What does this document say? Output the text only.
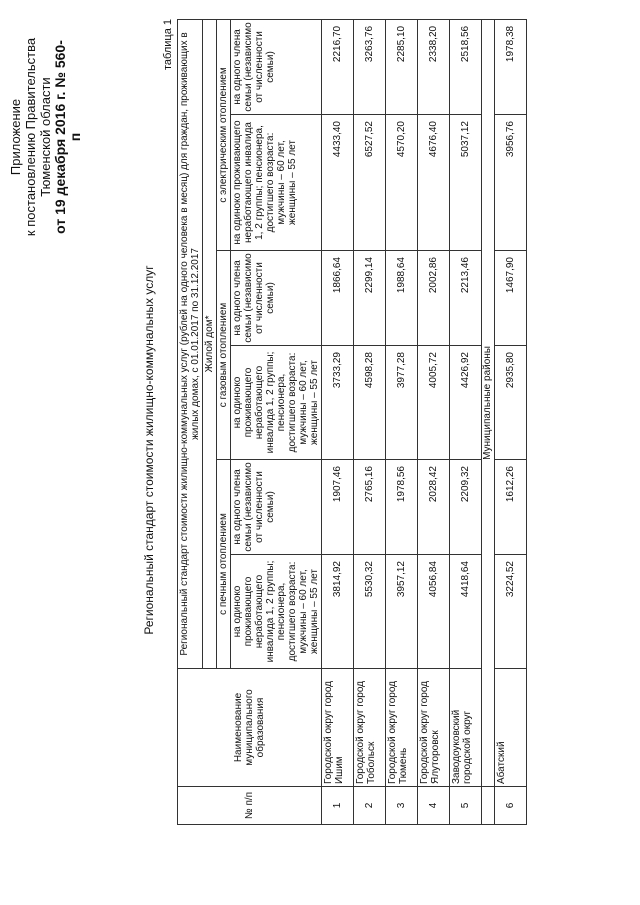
Приложение к постановлению Правительства Тюменской области от 19 декабря 2016 г. № 560-п
Региональный стандарт стоимости жилищно-коммунальных услуг
таблица 1
№ п/п	Наименование муниципального образования	Региональный стандарт стоимости жилищно-коммунальных услуг (рублей на одного человека в месяц) для граждан, проживающих в жилых домах, с 01.01.2017 по 31.12.2017					
		Жилой дом*					
		с печным отоплением		с газовым отоплением		с электрическим отоплением	
		на одиноко проживающего неработающего инвалида 1, 2 группы; пенсионера, достигшего возраста: мужчины – 60 лет, женщины – 55 лет	на одного члена семьи (независимо от численности семьи)	на одиноко проживающего неработающего инвалида 1, 2 группы; пенсионера, достигшего возраста: мужчины – 60 лет, женщины – 55 лет	на одного члена семьи (независимо от численности семьи)	на одиноко проживающего неработающего инвалида 1, 2 группы; пенсионера, достигшего возраста: мужчины – 60 лет, женщины – 55 лет	на одного члена семьи (независимо от численности семьи)
1	Городской округ город Ишим	3814,92	1907,46	3733,29	1866,64	4433,40	2216,70
2	Городской округ город Тобольск	5530,32	2765,16	4598,28	2299,14	6527,52	3263,76
3	Городской округ город Тюмень	3957,12	1978,56	3977,28	1988,64	4570,20	2285,10
4	Городской округ город Ялуторовск	4056,84	2028,42	4005,72	2002,86	4676,40	2338,20
5	Заводоуковский городской округ	4418,64	2209,32	4426,92	2213,46	5037,12	2518,56
	Муниципальные районы						
6	Абатский	3224,52	1612,26	2935,80	1467,90	3956,76	1978,38
